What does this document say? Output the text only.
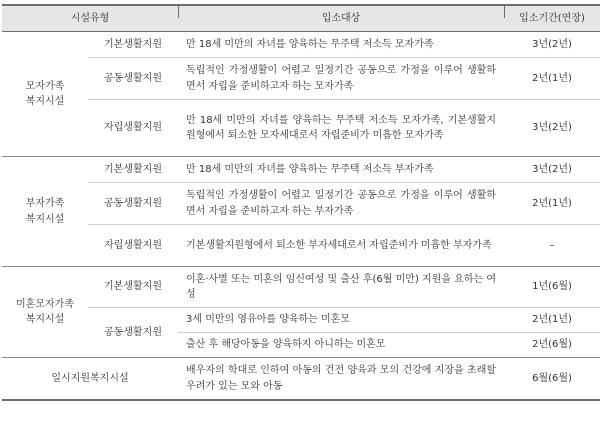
시설유형		입소대상	입소기간(연장)

모자가족
복지시설	기본생활지원	만 18세 미만의 자녀를 양육하는 무주택 저소득 모자가족	3년(2년)
	공동생활지원	독립적인 가정생활이 어렵고 일정기간 공동으로 가정을 이루어 생활하면서 자립을 준비하고자 하는 모자가족	2년(1년)
	자립생활지원	만 18세 미만의 자녀를 양육하는 무주택 저소득 모자가족, 기본생활지원형에서 퇴소한 모자세대로서 자립준비가 미흡한 모자가족	3년(2년)
부자가족
복지시설	기본생활지원	만 18세 미만의 자녀를 양육하는 무주택 저소득 부자가족	3년(2년)
	공동생활지원	독립적인 가정생활이 어렵고 일정기간 공동으로 가정을 이루어 생활하면서 자립을 준비하고자 하는 부자가족	2년(1년)
	자립생활지원	기본생활지원형에서 퇴소한 부자세대로서 자립준비가 미흡한 부자가족	–
미혼모자가족
복지시설	기본생활지원	이혼·사별 또는 미혼의 임신여성 및 출산 후(6월 미만) 지원을 요하는 여성	1년(6월)
	공동생활지원	3세 미만의 영유아를 양육하는 미혼모	2년(1년)
		출산 후 해당아동을 양육하지 아니하는 미혼모	2년(6월)
일시지원복지시설		배우자의 학대로 인하여 아동의 건전 양육과 모의 건강에 지장을 초래할 우려가 있는 모와 아동	6월(6월)
